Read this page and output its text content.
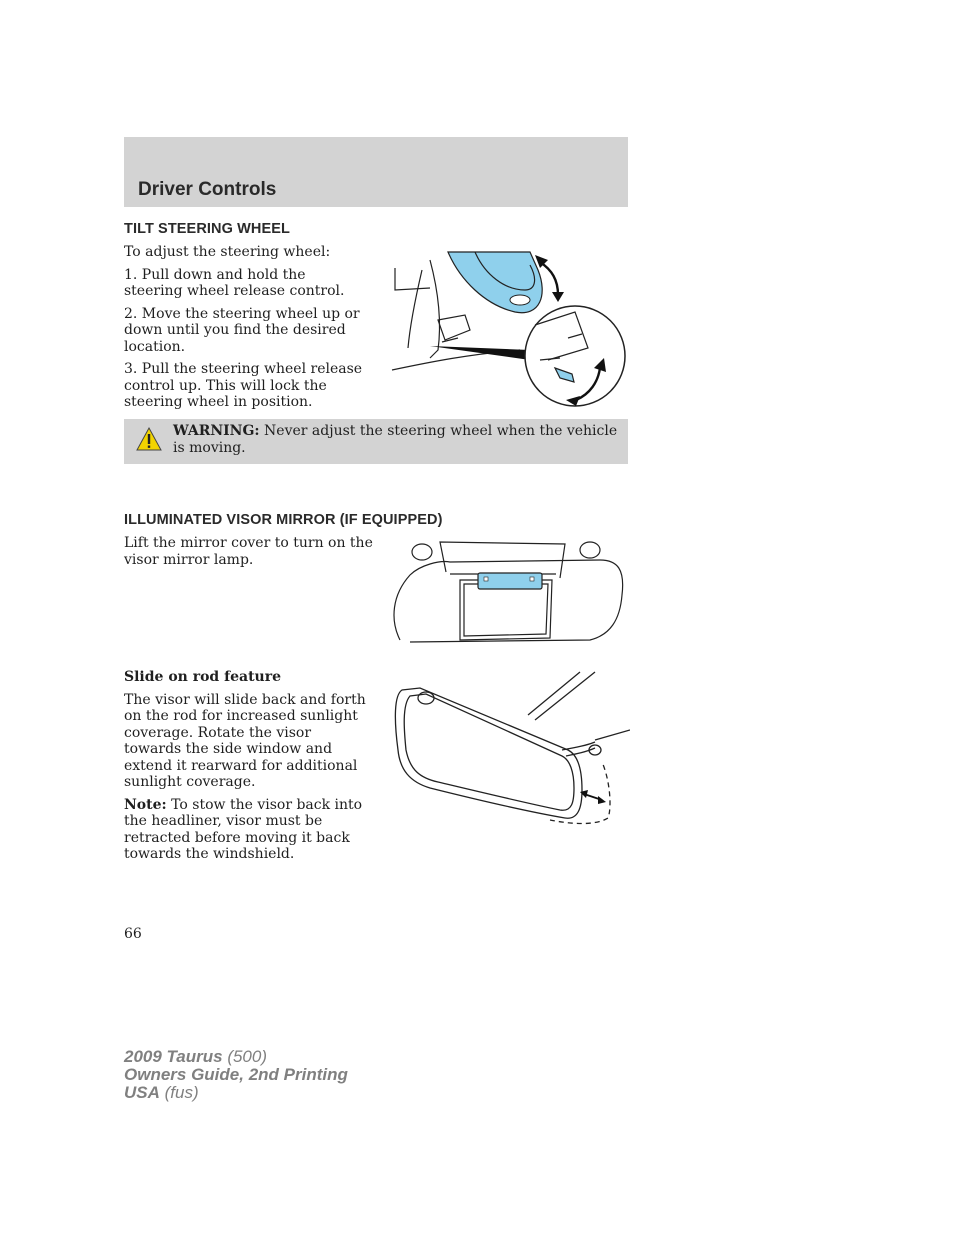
Driver Controls
TILT STEERING WHEEL

To adjust the steering wheel:

1. Pull down and hold the steering wheel release control.

2. Move the steering wheel up or down until you find the desired location.

3. Pull the steering wheel release control up. This will lock the steering wheel in position.

WARNING: Never adjust the steering wheel when the vehicle is moving.

ILLUMINATED VISOR MIRROR (IF EQUIPPED)

Lift the mirror cover to turn on the visor mirror lamp.

Slide on rod feature

The visor will slide back and forth on the rod for increased sunlight coverage. Rotate the visor towards the side window and extend it rearward for additional sunlight coverage.

Note: To stow the visor back into the headliner, visor must be retracted before moving it back towards the windshield.

66
2009 Taurus (500)
Owners Guide, 2nd Printing
USA (fus)
